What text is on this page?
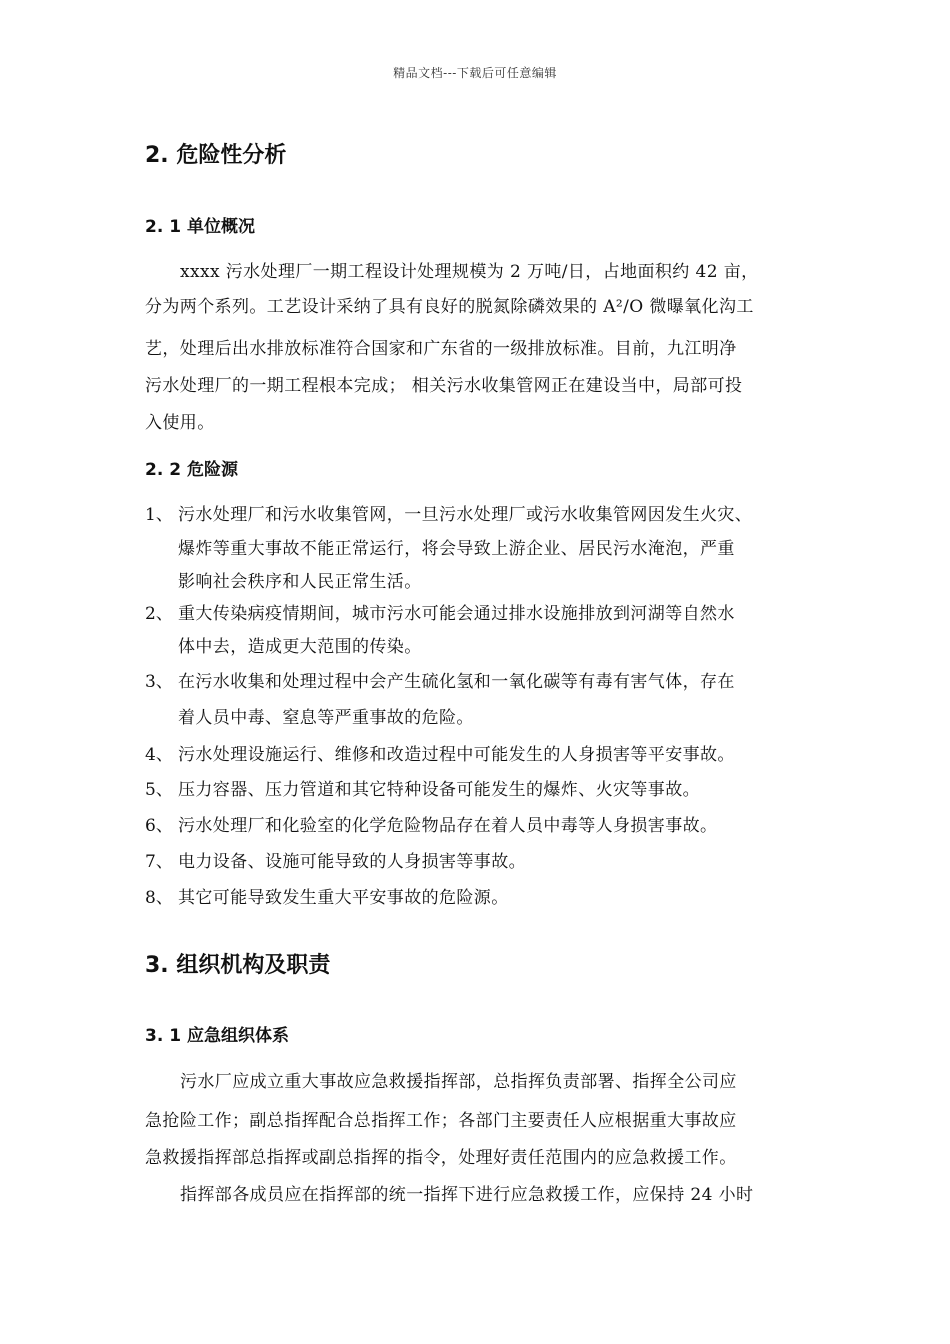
精品文档---下载后可任意编辑
2. 危险性分析
2. 1 单位概况
xxxx 污水处理厂一期工程设计处理规模为 2 万吨/日，占地面积约 42 亩，
分为两个系列。工艺设计采纳了具有良好的脱氮除磷效果的 A²/O 微曝氧化沟工
艺，处理后出水排放标准符合国家和广东省的一级排放标准。目前，九江明净
污水处理厂的一期工程根本完成； 相关污水收集管网正在建设当中，局部可投
入使用。
2. 2 危险源
1、 污水处理厂和污水收集管网，一旦污水处理厂或污水收集管网因发生火灾、
爆炸等重大事故不能正常运行，将会导致上游企业、居民污水淹泡，严重
影响社会秩序和人民正常生活。
2、 重大传染病疫情期间，城市污水可能会通过排水设施排放到河湖等自然水
体中去，造成更大范围的传染。
3、 在污水收集和处理过程中会产生硫化氢和一氧化碳等有毒有害气体，存在
着人员中毒、窒息等严重事故的危险。
4、 污水处理设施运行、维修和改造过程中可能发生的人身损害等平安事故。
5、 压力容器、压力管道和其它特种设备可能发生的爆炸、火灾等事故。
6、 污水处理厂和化验室的化学危险物品存在着人员中毒等人身损害事故。
7、 电力设备、设施可能导致的人身损害等事故。
8、 其它可能导致发生重大平安事故的危险源。
3. 组织机构及职责
3. 1 应急组织体系
污水厂应成立重大事故应急救援指挥部，总指挥负责部署、指挥全公司应
急抢险工作；副总指挥配合总指挥工作；各部门主要责任人应根据重大事故应
急救援指挥部总指挥或副总指挥的指令，处理好责任范围内的应急救援工作。
指挥部各成员应在指挥部的统一指挥下进行应急救援工作，应保持 24 小时
